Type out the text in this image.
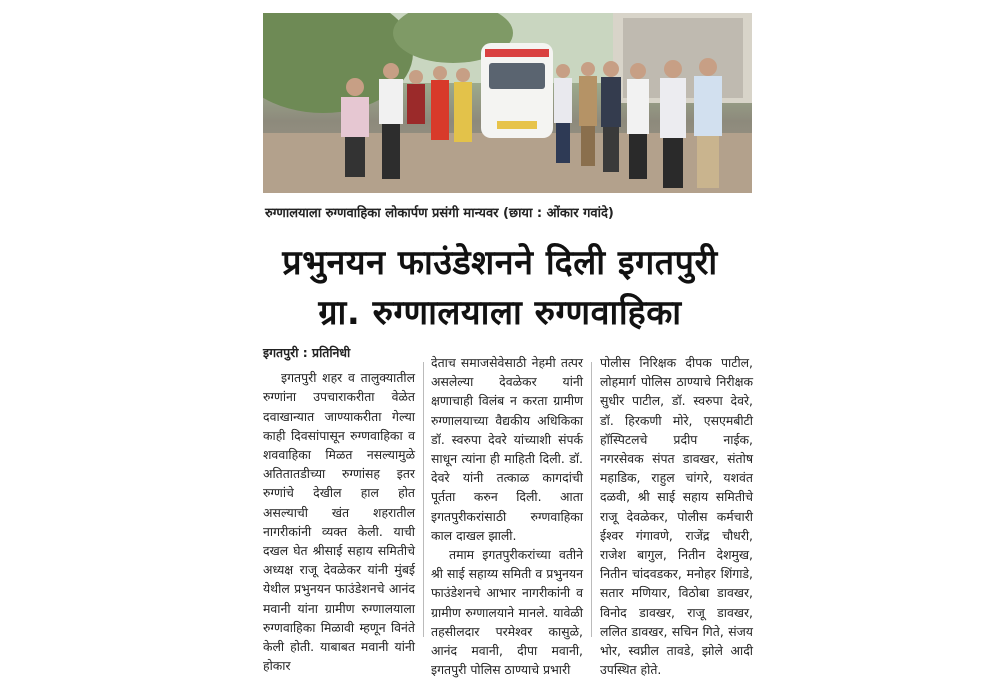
रुग्णालयाला रुग्णवाहिका लोकार्पण प्रसंगी मान्यवर (छाया : ओंकार गवांदे)
प्रभुनयन फाउंडेशनने दिली इगतपुरी
ग्रा. रुग्णालयाला रुग्णवाहिका
इगतपुरी : प्रतिनिधी

इगतपुरी शहर व तालुक्यातील रुग्णांना उपचाराकरीता वेळेत दवाखान्यात जाण्याकरीता गेल्या काही दिवसांपासून रुग्णवाहिका व शववाहिका मिळत नसल्यामुळे अतितातडीच्या रुग्णांसह इतर रुग्णांचे देखील हाल होत असल्याची खंत शहरातील नागरीकांनी व्यक्त केली. याची दखल घेत श्रीसाई सहाय समितीचे अध्यक्ष राजू देवळेकर यांनी मुंबई येथील प्रभुनयन फाउंडेशनचे आनंद मवानी यांना ग्रामीण रुग्णालयाला रुग्णवाहिका मिळावी म्हणून विनंते केली होती. याबाबत मवानी यांनी होकार

देताच समाजसेवेसाठी नेहमी तत्पर असलेल्या देवळेकर यांनी क्षणाचाही विलंब न करता ग्रामीण रुग्णालयाच्या वैद्यकीय अधिकिका डॉ. स्वरुपा देवरे यांच्याशी संपर्क साधून त्यांना ही माहिती दिली. डॉ. देवरे यांनी तत्काळ कागदांची पूर्तता करुन दिली. आता इगतपुरीकरांसाठी रुग्णवाहिका काल दाखल झाली.

तमाम इगतपुरीकरांच्या वतीने श्री साई सहाय्य समिती व प्रभुनयन फाउंडेशनचे आभार नागरीकांनी व ग्रामीण रुग्णालयाने मानले. यावेळी तहसीलदार परमेश्वर कासुळे, आनंद मवानी, दीपा मवानी, इगतपुरी पोलिस ठाण्याचे प्रभारी

पोलीस निरिक्षक दीपक पाटील, लोहमार्ग पोलिस ठाण्याचे निरीक्षक सुधीर पाटील, डॉ. स्वरुपा देवरे, डॉ. हिरकणी मोरे, एसएमबीटी हॉस्पिटलचे प्रदीप नाईक, नगरसेवक संपत डावखर, संतोष महाडिक, राहुल चांगरे, यशवंत दळवी, श्री साई सहाय समितीचे राजू देवळेकर, पोलीस कर्मचारी ईश्वर गंगावणे, राजेंद्र चौधरी, राजेश बागुल, नितीन देशमुख, नितीन चांदवडकर, मनोहर शिंगाडे, सतार मणियार, विठोबा डावखर, विनोद डावखर, राजू डावखर, ललित डावखर, सचिन गिते, संजय भोर, स्वप्नील तावडे, झोले आदी उपस्थित होते.
